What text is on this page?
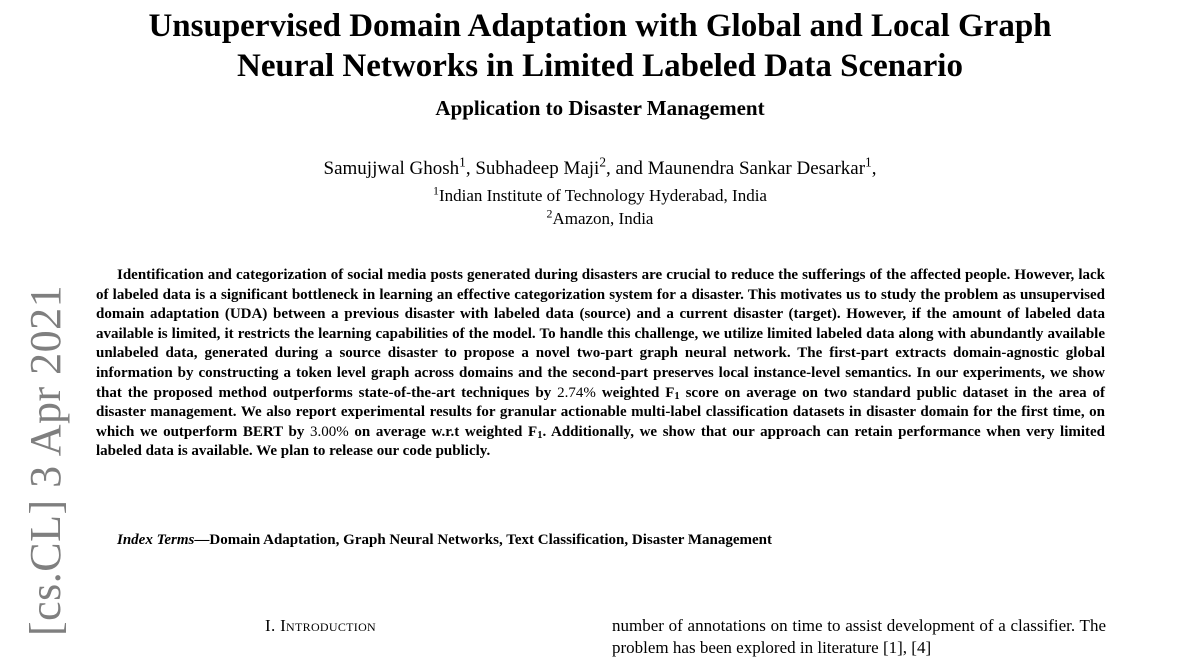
Unsupervised Domain Adaptation with Global and Local Graph
Neural Networks in Limited Labeled Data Scenario
Application to Disaster Management
Samujjwal Ghosh$^1$, Subhadeep Maji$^2$, and Maunendra Sankar Desarkar$^1$,
$^1$Indian Institute of Technology Hyderabad, India
$^2$Amazon, India
Identification and categorization of social media posts generated during disasters are crucial to reduce the sufferings of the affected people. However, lack of labeled data is a significant bottleneck in learning an effective categorization system for a disaster. This motivates us to study the problem as unsupervised domain adaptation (UDA) between a previous disaster with labeled data (source) and a current disaster (target). However, if the amount of labeled data available is limited, it restricts the learning capabilities of the model. To handle this challenge, we utilize limited labeled data along with abundantly available unlabeled data, generated during a source disaster to propose a novel two-part graph neural network. The first-part extracts domain-agnostic global information by constructing a token level graph across domains and the second-part preserves local instance-level semantics. In our experiments, we show that the proposed method outperforms state-of-the-art techniques by 2.74% weighted $F_1$ score on average on two standard public dataset in the area of disaster management. We also report experimental results for granular actionable multi-label classification datasets in disaster domain for the first time, on which we outperform BERT by 3.00% on average w.r.t weighted $F_1$. Additionally, we show that our approach can retain performance when very limited labeled data is available. We plan to release our code publicly.
Index Terms—Domain Adaptation, Graph Neural Networks, Text Classification, Disaster Management
[cs.CL] 3 Apr 2021	I. Introduction	number of annotations on time to assist development of a classifier. The problem has been explored in literature [1], [4]
